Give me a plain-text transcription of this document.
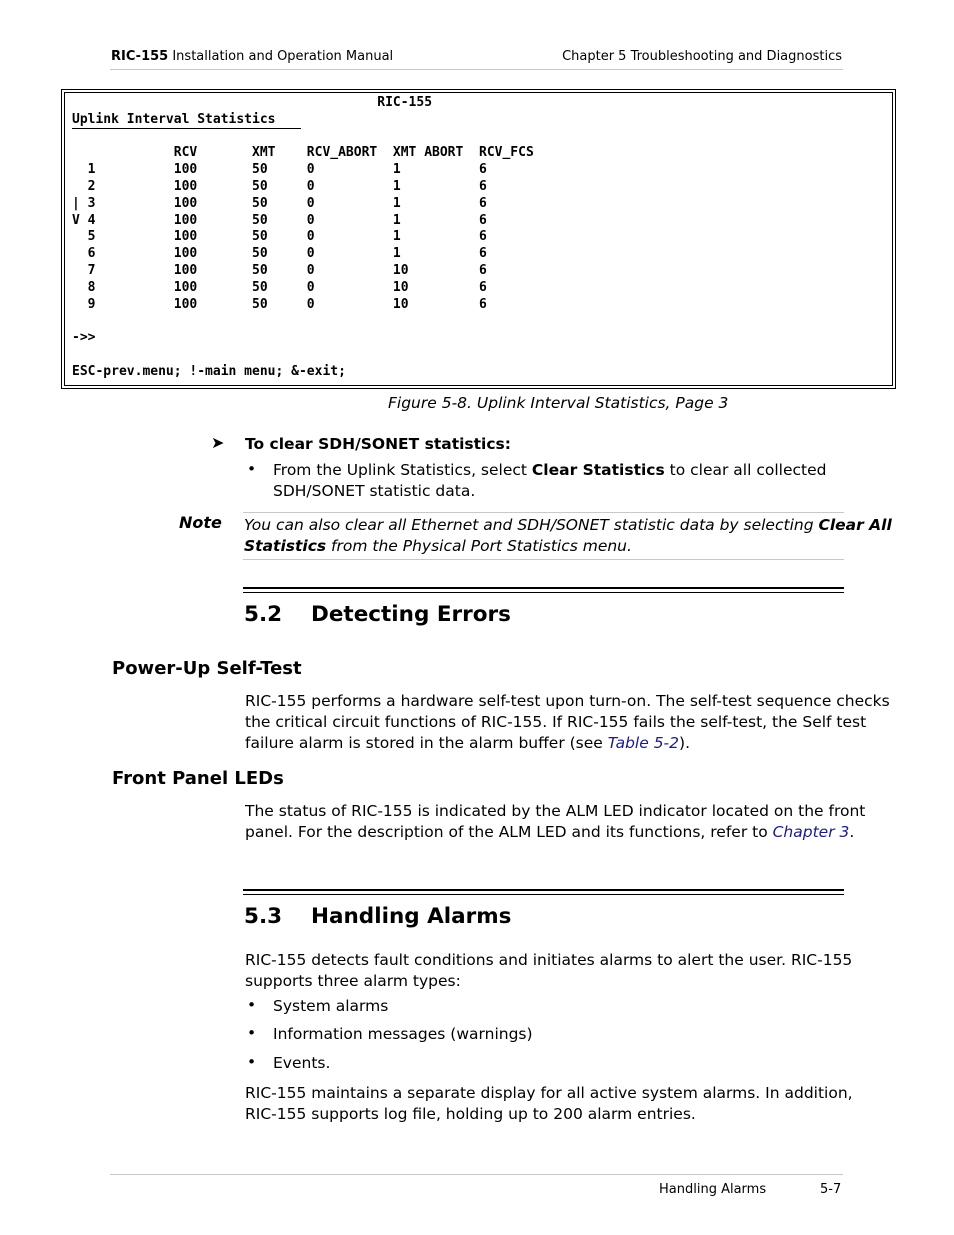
RIC-155 Installation and Operation Manual	Chapter 5 Troubleshooting and Diagnostics
RIC-155
Uplink Interval Statistics

RCV       XMT    RCV_ABORT  XMT ABORT  RCV_FCS
1          100       50     0          1          6
2          100       50     0          1          6
| 3          100       50     0          1          6
V 4          100       50     0          1          6
5          100       50     0          1          6
6          100       50     0          1          6
7          100       50     0          10         6
8          100       50     0          10         6
9          100       50     0          10         6

->>

ESC-prev.menu; !-main menu; &-exit;
Figure 5-8. Uplink Interval Statistics, Page 3
➤ To clear SDH/SONET statistics:
• From the Uplink Statistics, select Clear Statistics to clear all collected
SDH/SONET statistic data.
Note You can also clear all Ethernet and SDH/SONET statistic data by selecting Clear All
Statistics from the Physical Port Statistics menu.
5.2 Detecting Errors
Power-Up Self-Test
RIC-155 performs a hardware self-test upon turn-on. The self-test sequence checks
the critical circuit functions of RIC-155. If RIC-155 fails the self-test, the Self test
failure alarm is stored in the alarm buffer (see Table 5-2).
Front Panel LEDs
The status of RIC-155 is indicated by the ALM LED indicator located on the front
panel. For the description of the ALM LED and its functions, refer to Chapter 3.
5.3 Handling Alarms
RIC-155 detects fault conditions and initiates alarms to alert the user. RIC-155
supports three alarm types:
• System alarms
• Information messages (warnings)
• Events.
RIC-155 maintains a separate display for all active system alarms. In addition,
RIC-155 supports log file, holding up to 200 alarm entries.
Handling Alarms	5-7
